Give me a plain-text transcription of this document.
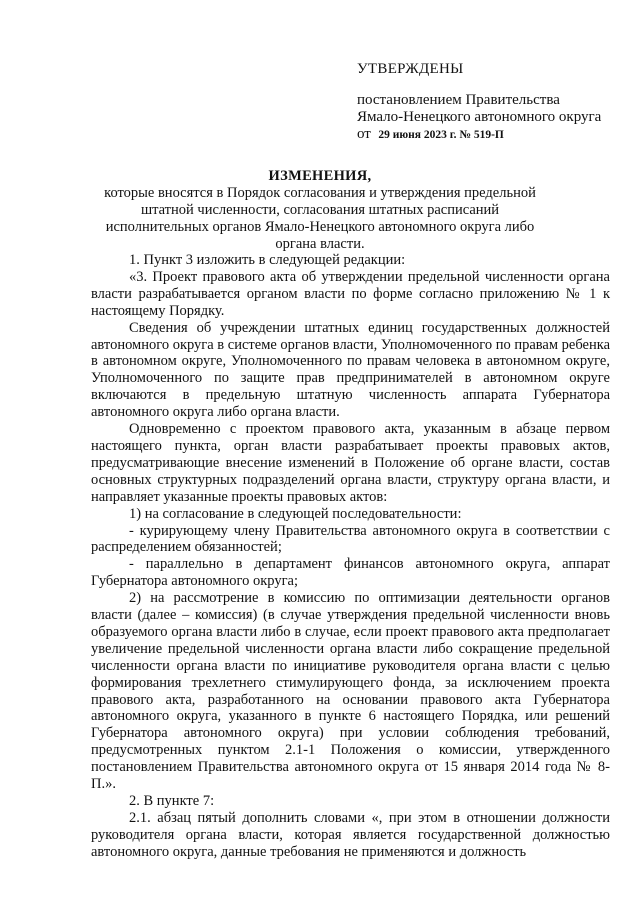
УТВЕРЖДЕНЫ

постановлением Правительства

Ямало-Ненецкого автономного округа

от 29 июня 2023 г. № 519-П

ИЗМЕНЕНИЯ,

которые вносятся в Порядок согласования и утверждения предельной штатной численности, согласования штатных расписаний исполнительных органов Ямало-Ненецкого автономного округа либо органа власти.

1. Пункт 3 изложить в следующей редакции:

«3. Проект правового акта об утверждении предельной численности органа власти разрабатывается органом власти по форме согласно приложению № 1 к настоящему Порядку.

Сведения об учреждении штатных единиц государственных должностей автономного округа в системе органов власти, Уполномоченного по правам ребенка в автономном округе, Уполномоченного по правам человека в автономном округе, Уполномоченного по защите прав предпринимателей в автономном округе включаются в предельную штатную численность аппарата Губернатора автономного округа либо органа власти.

Одновременно с проектом правового акта, указанным в абзаце первом настоящего пункта, орган власти разрабатывает проекты правовых актов, предусматривающие внесение изменений в Положение об органе власти, состав основных структурных подразделений органа власти, структуру органа власти, и направляет указанные проекты правовых актов:

1) на согласование в следующей последовательности:

- курирующему члену Правительства автономного округа в соответствии с распределением обязанностей;

- параллельно в департамент финансов автономного округа, аппарат Губернатора автономного округа;

2) на рассмотрение в комиссию по оптимизации деятельности органов власти (далее – комиссия) (в случае утверждения предельной численности вновь образуемого органа власти либо в случае, если проект правового акта предполагает увеличение предельной численности органа власти либо сокращение предельной численности органа власти по инициативе руководителя органа власти с целью формирования трехлетнего стимулирующего фонда, за исключением проекта правового акта, разработанного на основании правового акта Губернатора автономного округа, указанного в пункте 6 настоящего Порядка, или решений Губернатора автономного округа) при условии соблюдения требований, предусмотренных пунктом 2.1-1 Положения о комиссии, утвержденного постановлением Правительства автономного округа от 15 января 2014 года № 8-П.».

2. В пункте 7:

2.1. абзац пятый дополнить словами «, при этом в отношении должности руководителя органа власти, которая является государственной должностью автономного округа, данные требования не применяются и должность
